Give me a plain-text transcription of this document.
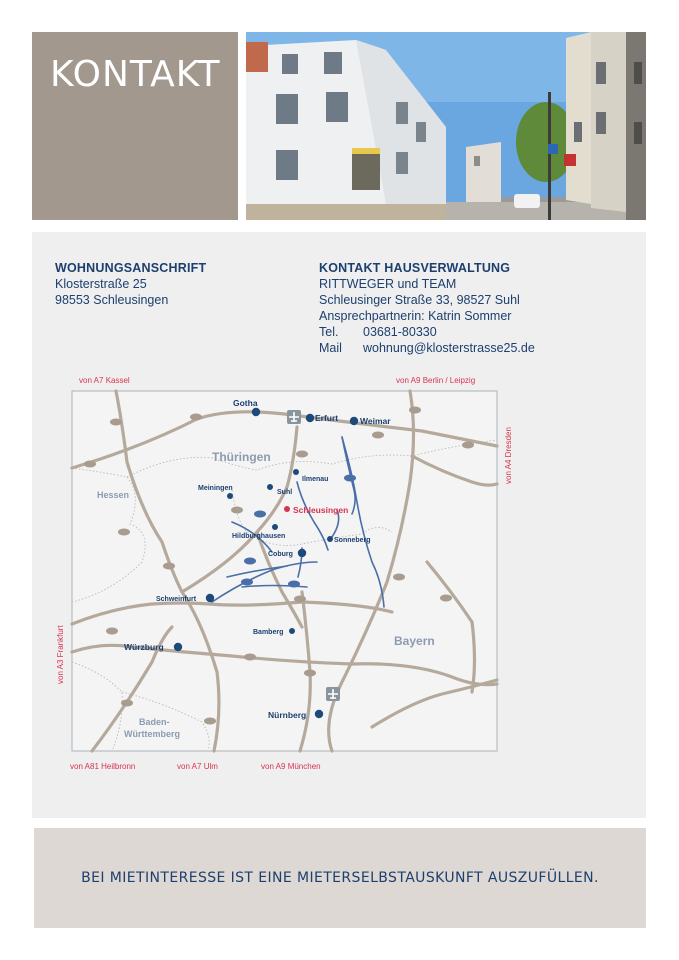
KONTAKT
WOHNUNGSANSCHRIFT
Klosterstraße 25
98553 Schleusingen
KONTAKT HAUSVERWALTUNG
RITTWEGER und TEAM
Schleusinger Straße 33, 98527 Suhl
Ansprechpartnerin: Katrin Sommer
Tel.	03681-80330
Mail	wohnung@klosterstrasse25.de
Thüringen
Hessen
Bayern
Baden-
Württemberg
Gotha
Erfurt	Weimar
Ilmenau
Meiningen
Suhl
Hildburghausen
Sonneberg
Coburg
Schweinfurt
Bamberg
Würzburg
Nürnberg
Schleusingen
von A7 Kassel	von A9 Berlin / Leipzig
von A81 Heilbronn	von A7 Ulm	von A9 München
von A4 Dresden
von A3 Frankfurt
BEI MIETINTERESSE IST EINE MIETERSELBSTAUSKUNFT AUSZUFÜLLEN.
